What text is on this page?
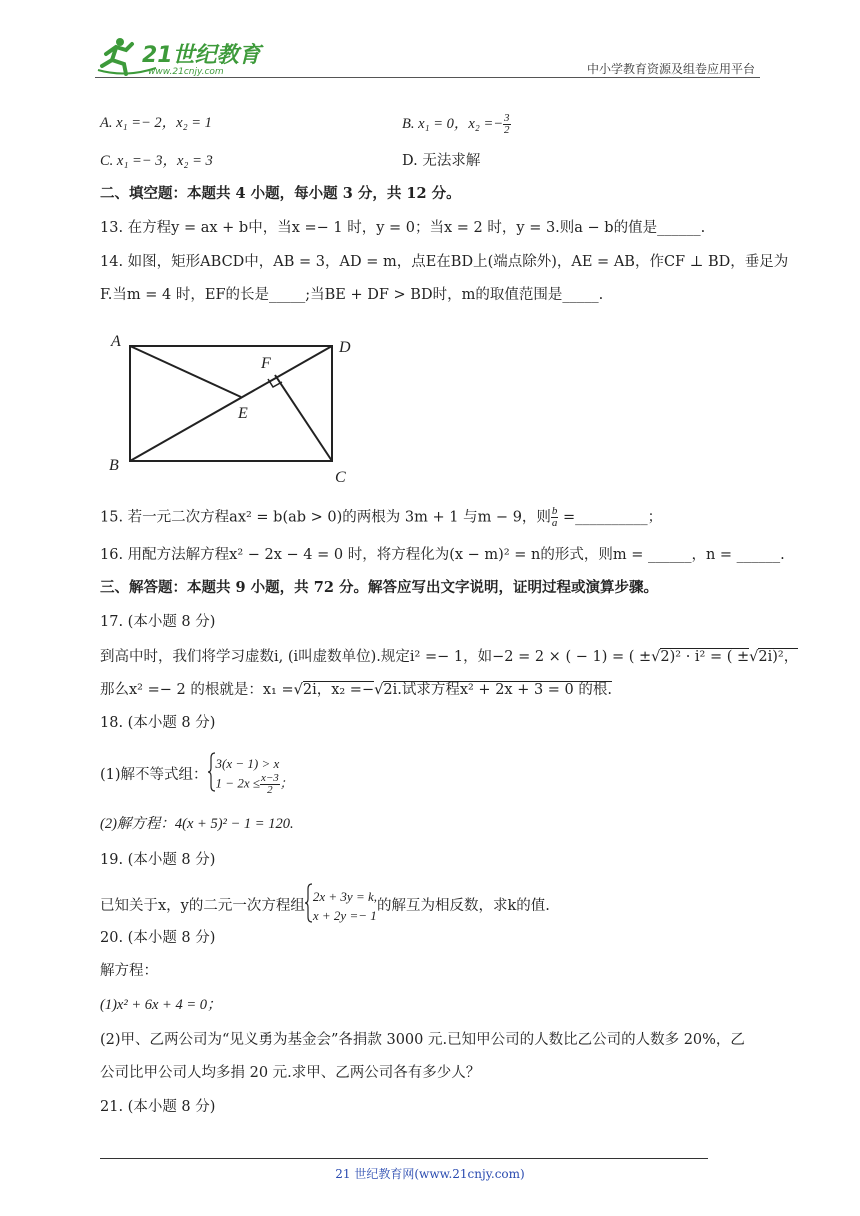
21世纪教育
www.21cnjy.com	中小学教育资源及组卷应用平台
A. x₁ =− 2，x₂ = 1	B. x₁ = 0，$x_2 =- \frac{3}{2}$
C. x₁ =− 3，x₂ = 3	D. 无法求解
二、填空题：本题共 4 小题，每小题 3 分，共 12 分。
13. 在方程y = ax + b中，当x =− 1 时，y = 0；当x = 2 时，y = 3.则a − b的值是______.
14. 如图，矩形ABCD中，AB = 3，AD = m，点E在BD上(端点除外)，AE = AB，作CF ⊥ BD，垂足为
F.当m = 4 时，EF的长是_____;当BE + DF > BD时，m的取值范围是_____.
A	D
B
C
E
F
15. 若一元二次方程ax² = b(ab > 0)的两根为 3m + 1 与m − 9，则 $\frac{b}{a}$ =__________；
16. 用配方法解方程x² − 2x − 4 = 0 时，将方程化为(x − m)² = n的形式，则m = ______，n = ______.
三、解答题：本题共 9 小题，共 72 分。解答应写出文字说明，证明过程或演算步骤。
17. (本小题 8 分)
到高中时，我们将学习虚数i, (i叫虚数单位).规定i² =− 1，如−2 = 2 × ( − 1) = ( ±√2)² · i² = ( ±√2i)²，
那么x² =− 2 的根就是：x₁ =√2i，x₂ =−√2i.试求方程x² + 2x + 3 = 0 的根.
18. (本小题 8 分)
(1)解不等式组：
3(x − 1) > x
$1 - 2x \le \frac{x-3}{2}$ ；
(2)解方程：4(x + 5)² − 1 = 120.
19. (本小题 8 分)
已知关于x，y的二元一次方程组
2x + 3y = k,
x + 2y =− 1
的解互为相反数，求k的值.
20. (本小题 8 分)
解方程：
(1)x² + 6x + 4 = 0；
(2)甲、乙两公司为“见义勇为基金会”各捐款 3000 元.已知甲公司的人数比乙公司的人数多 20%，乙
公司比甲公司人均多捐 20 元.求甲、乙两公司各有多少人？
21. (本小题 8 分)
21 世纪教育网(www.21cnjy.com)
